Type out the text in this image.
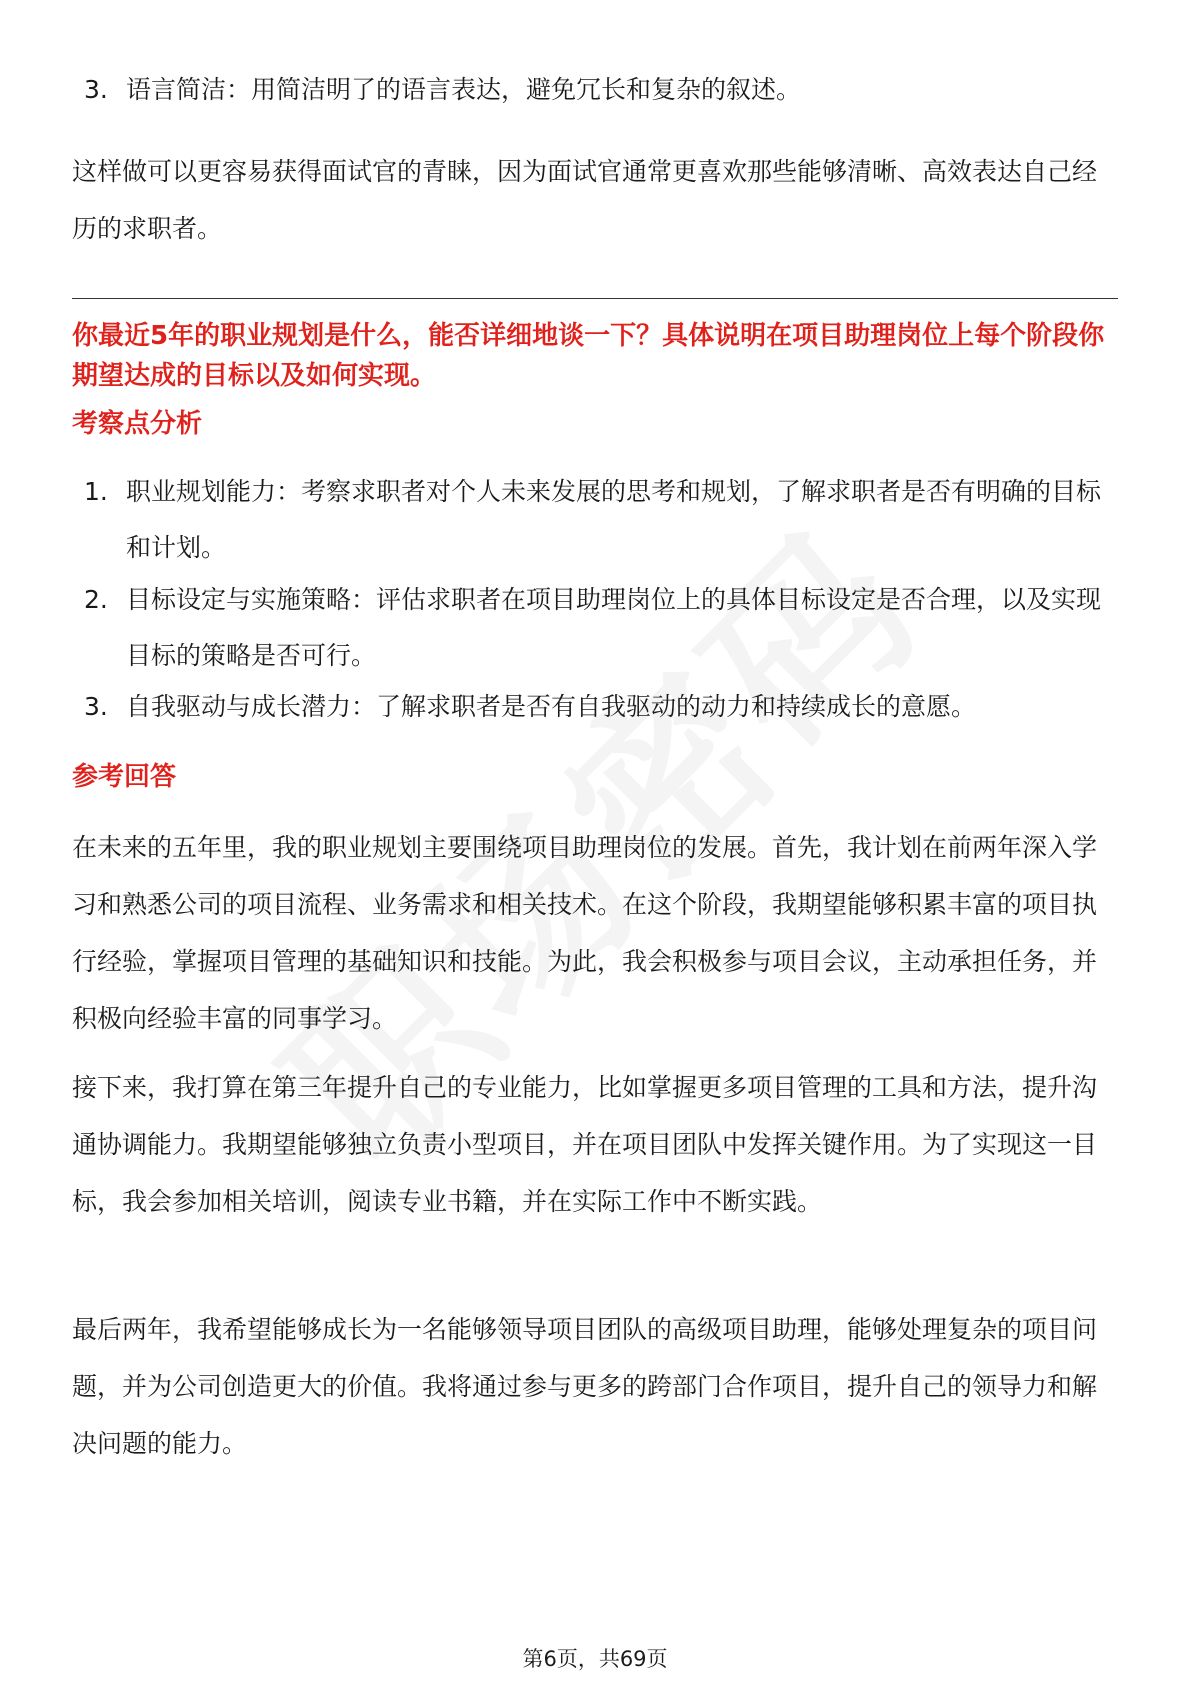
3. 语言简洁：用简洁明了的语言表达，避免冗长和复杂的叙述。
这样做可以更容易获得面试官的青睐，因为面试官通常更喜欢那些能够清晰、高效表达自己经历的求职者。
你最近5年的职业规划是什么，能否详细地谈一下？具体说明在项目助理岗位上每个阶段你期望达成的目标以及如何实现。
考察点分析
1. 职业规划能力：考察求职者对个人未来发展的思考和规划，了解求职者是否有明确的目标和计划。
2. 目标设定与实施策略：评估求职者在项目助理岗位上的具体目标设定是否合理，以及实现目标的策略是否可行。
3. 自我驱动与成长潜力：了解求职者是否有自我驱动的动力和持续成长的意愿。
参考回答
在未来的五年里，我的职业规划主要围绕项目助理岗位的发展。首先，我计划在前两年深入学习和熟悉公司的项目流程、业务需求和相关技术。在这个阶段，我期望能够积累丰富的项目执行经验，掌握项目管理的基础知识和技能。为此，我会积极参与项目会议，主动承担任务，并积极向经验丰富的同事学习。
接下来，我打算在第三年提升自己的专业能力，比如掌握更多项目管理的工具和方法，提升沟通协调能力。我期望能够独立负责小型项目，并在项目团队中发挥关键作用。为了实现这一目标，我会参加相关培训，阅读专业书籍，并在实际工作中不断实践。
最后两年，我希望能够成长为一名能够领导项目团队的高级项目助理，能够处理复杂的项目问题，并为公司创造更大的价值。我将通过参与更多的跨部门合作项目，提升自己的领导力和解决问题的能力。
第6页，共69页
